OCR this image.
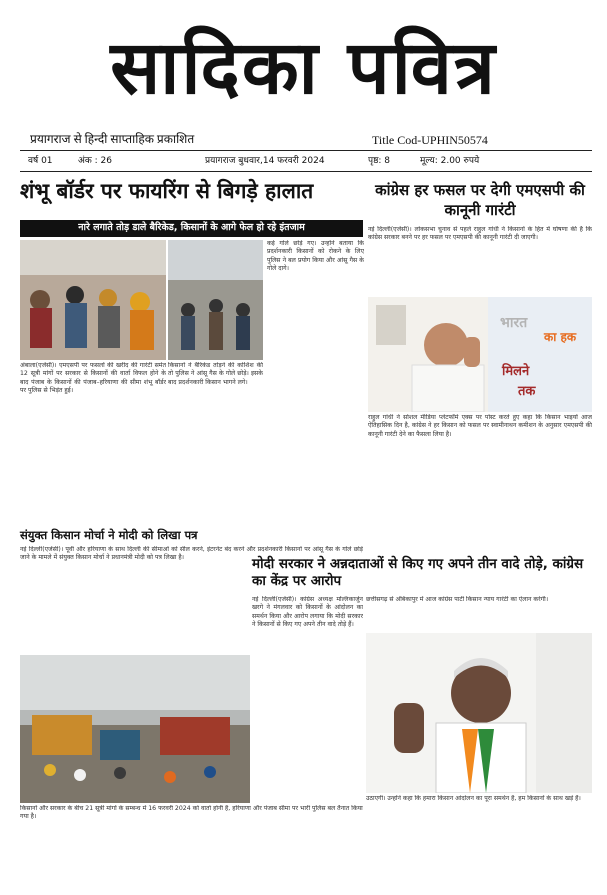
सादिका पवित्र
प्रयागराज से हिन्दी साप्ताहिक प्रकाशित	Title Cod-UPHIN50574
वर्ष 01	अंक : 26	प्रयागराज बुधवार,14 फरवरी 2024	पृष्ठ: 8	मूल्य: 2.00 रुपये
शंभू बॉर्डर पर फायरिंग से बिगड़े हालात
नारे लगाते तोड़ डाले बैरिकेड, किसानों के आगे फेल हो रहे इंतजाम
अंबाला(एजेंसी)। एमएसपी पर फसलों की खरीद की गारंटी समेत 12 सूत्री मांगों पर सरकार से किसानों की वार्ता विफल होने के बाद पंजाब के किसानों की पंजाब–हरियाणा की सीमा शंभू बॉर्डर पर पुलिस से भिड़ंत हुई।
किसानों ने बैरिकेड तोड़ने की कोशिश की तो पुलिस ने आंसू गैस के गोले छोड़े। इसके बाद प्रदर्शनकारी किसान भागने लगे।
कई गोले छोड़े गए। उन्होंने बताया कि प्रदर्शनकारी किसानों को रोकने के लिए पुलिस ने बल प्रयोग किया और आंसू गैस के गोले दागे।
कांग्रेस हर फसल पर देगी एमएसपी की कानूनी गारंटी
नई दिल्ली(एजेंसी)। लोकसभा चुनाव से पहले राहुल गांधी ने किसानों के हित में घोषणा की है कि कांग्रेस सरकार बनने पर हर फसल पर एमएसपी की कानूनी गारंटी दी जाएगी।
भारत
का हक
मिलने
तक
राहुल गांधी ने सोशल मीडिया प्लेटफॉर्म एक्स पर पोस्ट करते हुए कहा कि किसान भाइयों आज ऐतिहासिक दिन है, कांग्रेस ने हर किसान को फसल पर स्वामीनाथन कमीशन के अनुसार एमएसपी की कानूनी गारंटी देने का फैसला लिया है।
संयुक्त किसान मोर्चा ने मोदी को लिखा पत्र
नई दिल्ली(एजेंसी)। पूर्वी और हरियाणा के साथ दिल्ली की सीमाओं को सील करने, इंटरनेट बंद करने और प्रदर्शनकारी किसानों पर आंसू गैस के गोले छोड़े जाने के मामले में संयुक्त किसान मोर्चा ने प्रधानमंत्री मोदी को पत्र लिखा है।
किसानों और सरकार के बीच 21 सूत्री मांगों के सम्बन्ध में 16 फरवरी 2024 को वार्ता होनी है, हरियाणा और पंजाब सीमा पर भारी पुलिस बल तैनात किया गया है।
मोदी सरकार ने अन्नदाताओं से किए गए अपने तीन वादे तोड़े, कांग्रेस का केंद्र पर आरोप
नई दिल्ली(एजेंसी)। कांग्रेस अध्यक्ष मल्लिकार्जुन खरगे ने मंगलवार को किसानों के आंदोलन का समर्थन किया और आरोप लगाया कि मोदी सरकार ने किसानों से किए गए अपने तीन वादे तोड़े हैं।
छत्तीसगढ़ से अंबिकापुर में आज कांग्रेस पार्टी किसान न्याय गारंटी का ऐलान करेगी।
उठाएगी। उन्होंने कहा कि हमारा किसान आंदोलन का पूरा समर्थन है, हम किसानों के साथ खड़े हैं।
